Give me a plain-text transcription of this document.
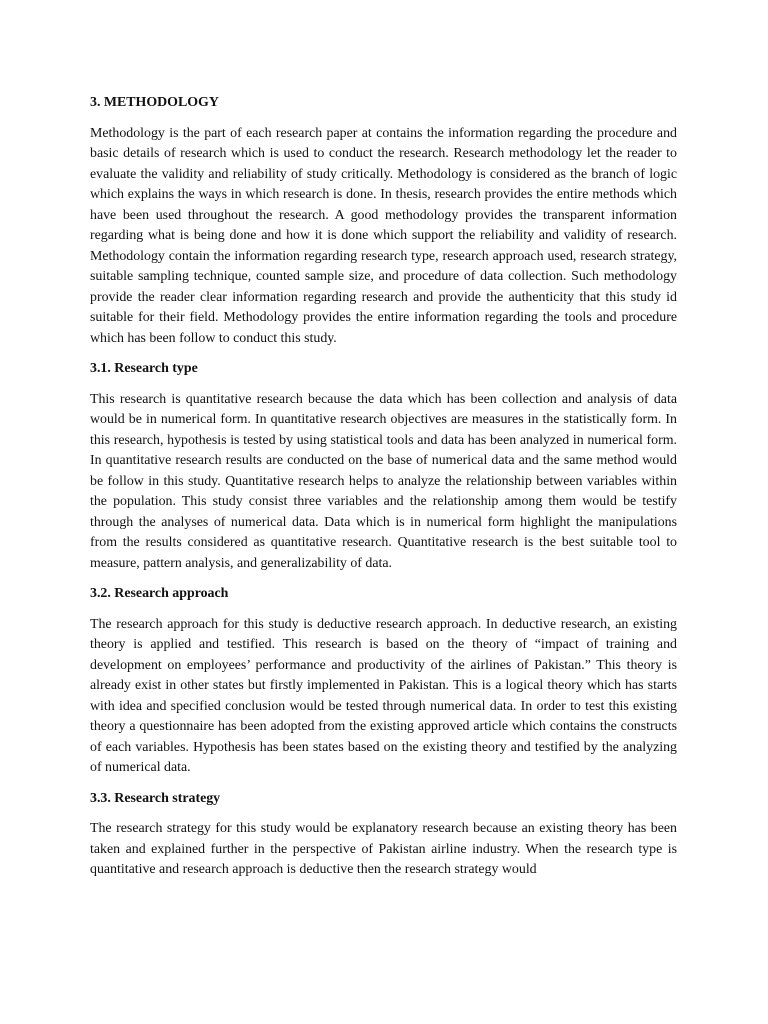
3. METHODOLOGY
Methodology is the part of each research paper at contains the information regarding the procedure and basic details of research which is used to conduct the research. Research methodology let the reader to evaluate the validity and reliability of study critically. Methodology is considered as the branch of logic which explains the ways in which research is done. In thesis, research provides the entire methods which have been used throughout the research. A good methodology provides the transparent information regarding what is being done and how it is done which support the reliability and validity of research. Methodology contain the information regarding research type, research approach used, research strategy, suitable sampling technique, counted sample size, and procedure of data collection. Such methodology provide the reader clear information regarding research and provide the authenticity that this study id suitable for their field. Methodology provides the entire information regarding the tools and procedure which has been follow to conduct this study.
3.1. Research type
This research is quantitative research because the data which has been collection and analysis of data would be in numerical form. In quantitative research objectives are measures in the statistically form. In this research, hypothesis is tested by using statistical tools and data has been analyzed in numerical form. In quantitative research results are conducted on the base of numerical data and the same method would be follow in this study. Quantitative research helps to analyze the relationship between variables within the population. This study consist three variables and the relationship among them would be testify through the analyses of numerical data. Data which is in numerical form highlight the manipulations from the results considered as quantitative research. Quantitative research is the best suitable tool to measure, pattern analysis, and generalizability of data.
3.2. Research approach
The research approach for this study is deductive research approach. In deductive research, an existing theory is applied and testified. This research is based on the theory of “impact of training and development on employees’ performance and productivity of the airlines of Pakistan.” This theory is already exist in other states but firstly implemented in Pakistan. This is a logical theory which has starts with idea and specified conclusion would be tested through numerical data. In order to test this existing theory a questionnaire has been adopted from the existing approved article which contains the constructs of each variables. Hypothesis has been states based on the existing theory and testified by the analyzing of numerical data.
3.3. Research strategy
The research strategy for this study would be explanatory research because an existing theory has been taken and explained further in the perspective of Pakistan airline industry. When the research type is quantitative and research approach is deductive then the research strategy would
